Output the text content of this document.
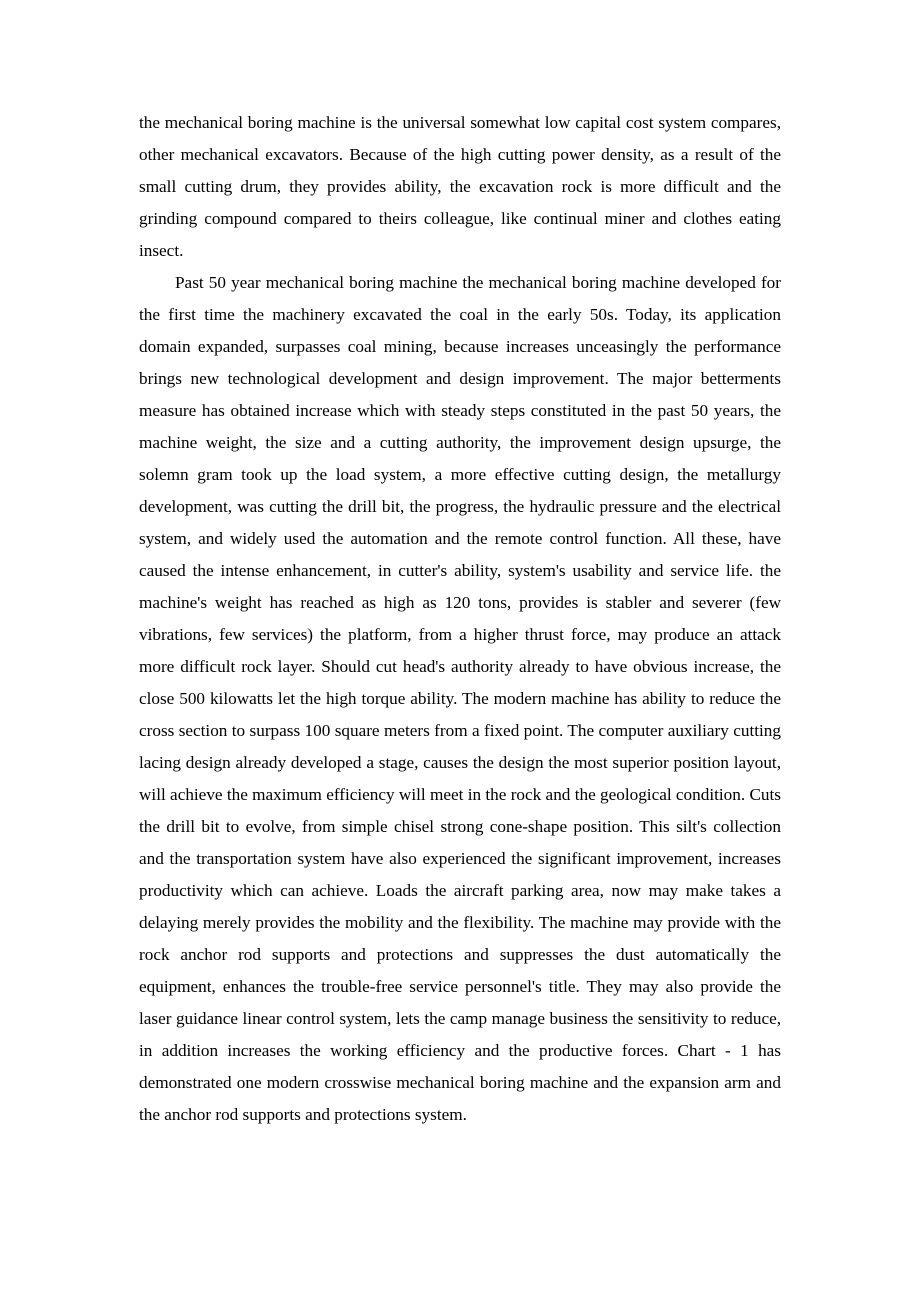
the mechanical boring machine is the universal somewhat low capital cost system compares, other mechanical excavators. Because of the high cutting power density, as a result of the small cutting drum, they provides ability, the excavation rock is more difficult and the grinding compound compared to theirs colleague, like continual miner and clothes eating insect.

Past 50 year mechanical boring machine the mechanical boring machine developed for the first time the machinery excavated the coal in the early 50s. Today, its application domain expanded, surpasses coal mining, because increases unceasingly the performance brings new technological development and design improvement. The major betterments measure has obtained increase which with steady steps constituted in the past 50 years, the machine weight, the size and a cutting authority, the improvement design upsurge, the solemn gram took up the load system, a more effective cutting design, the metallurgy development, was cutting the drill bit, the progress, the hydraulic pressure and the electrical system, and widely used the automation and the remote control function. All these, have caused the intense enhancement, in cutter's ability, system's usability and service life. the machine's weight has reached as high as 120 tons, provides is stabler and severer (few vibrations, few services) the platform, from a higher thrust force, may produce an attack more difficult rock layer. Should cut head's authority already to have obvious increase, the close 500 kilowatts let the high torque ability. The modern machine has ability to reduce the cross section to surpass 100 square meters from a fixed point. The computer auxiliary cutting lacing design already developed a stage, causes the design the most superior position layout, will achieve the maximum efficiency will meet in the rock and the geological condition. Cuts the drill bit to evolve, from simple chisel strong cone-shape position. This silt's collection and the transportation system have also experienced the significant improvement, increases productivity which can achieve. Loads the aircraft parking area, now may make takes a delaying merely provides the mobility and the flexibility. The machine may provide with the rock anchor rod supports and protections and suppresses the dust automatically the equipment, enhances the trouble-free service personnel's title. They may also provide the laser guidance linear control system, lets the camp manage business the sensitivity to reduce, in addition increases the working efficiency and the productive forces. Chart - 1 has demonstrated one modern crosswise mechanical boring machine and the expansion arm and the anchor rod supports and protections system.
